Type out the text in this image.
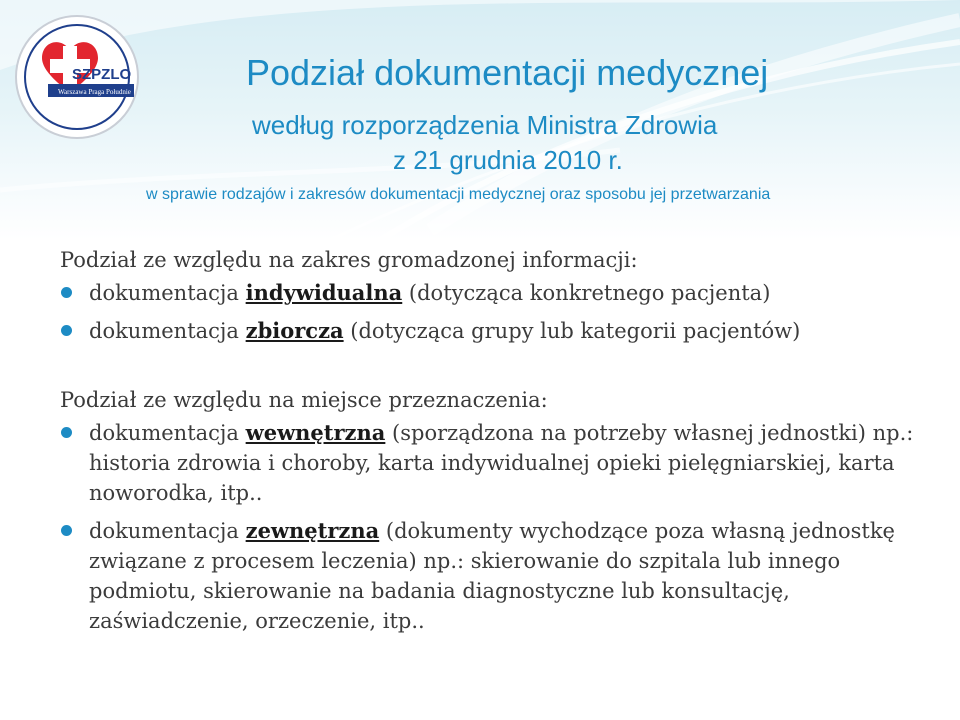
SZPZLO
Warszawa Praga Południe	Podział dokumentacji medycznej
według rozporządzenia Ministra Zdrowia
z 21 grudnia 2010 r.
w sprawie rodzajów i zakresów dokumentacji medycznej oraz sposobu jej przetwarzania
Podział ze względu na zakres gromadzonej informacji:
dokumentacja indywidualna (dotycząca konkretnego pacjenta)
dokumentacja zbiorcza (dotycząca grupy lub kategorii pacjentów)
Podział ze względu na miejsce przeznaczenia:
dokumentacja wewnętrzna (sporządzona na potrzeby własnej jednostki) np.: historia zdrowia i choroby, karta indywidualnej opieki pielęgniarskiej, karta noworodka, itp..
dokumentacja zewnętrzna (dokumenty wychodzące poza własną jednostkę związane z procesem leczenia) np.: skierowanie do szpitala lub innego podmiotu, skierowanie na badania diagnostyczne lub konsultację, zaświadczenie, orzeczenie, itp..
